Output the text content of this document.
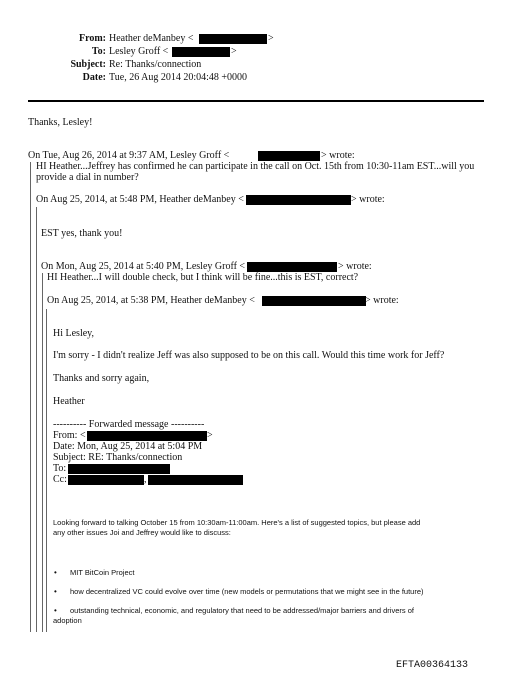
From: Heather deManbey <	>
To: Lesley Groff <	>
Subject: Re: Thanks/connection
Date: Tue, 26 Aug 2014 20:04:48 +0000
Thanks, Lesley!
On Tue, Aug 26, 2014 at 9:37 AM, Lesley Groff <	> wrote:
HI Heather...Jeffrey has confirmed he can participate in the call on Oct. 15th from 10:30-11am EST...will you
provide a dial in number?
On Aug 25, 2014, at 5:48 PM, Heather deManbey <	> wrote:
EST yes, thank you!
On Mon, Aug 25, 2014 at 5:40 PM, Lesley Groff <	> wrote:
HI Heather...I will double check, but I think will be fine...this is EST, correct?
On Aug 25, 2014, at 5:38 PM, Heather deManbey <	> wrote:
Hi Lesley,
I'm sorry - I didn't realize Jeff was also supposed to be on this call. Would this time work for Jeff?
Thanks and sorry again,
Heather
---------- Forwarded message ----------
From: <	>
Date: Mon, Aug 25, 2014 at 5:04 PM
Subject: RE: Thanks/connection
To:
Cc:	,
Looking forward to talking October 15 from 10:30am-11:00am. Here's a list of suggested topics, but please add
any other issues Joi and Jeffrey would like to discuss:
• MIT BitCoin Project
• how decentralized VC could evolve over time (new models or permutations that we might see in the future)
• outstanding technical, economic, and regulatory that need to be addressed/major barriers and drivers of
adoption
EFTA00364133
